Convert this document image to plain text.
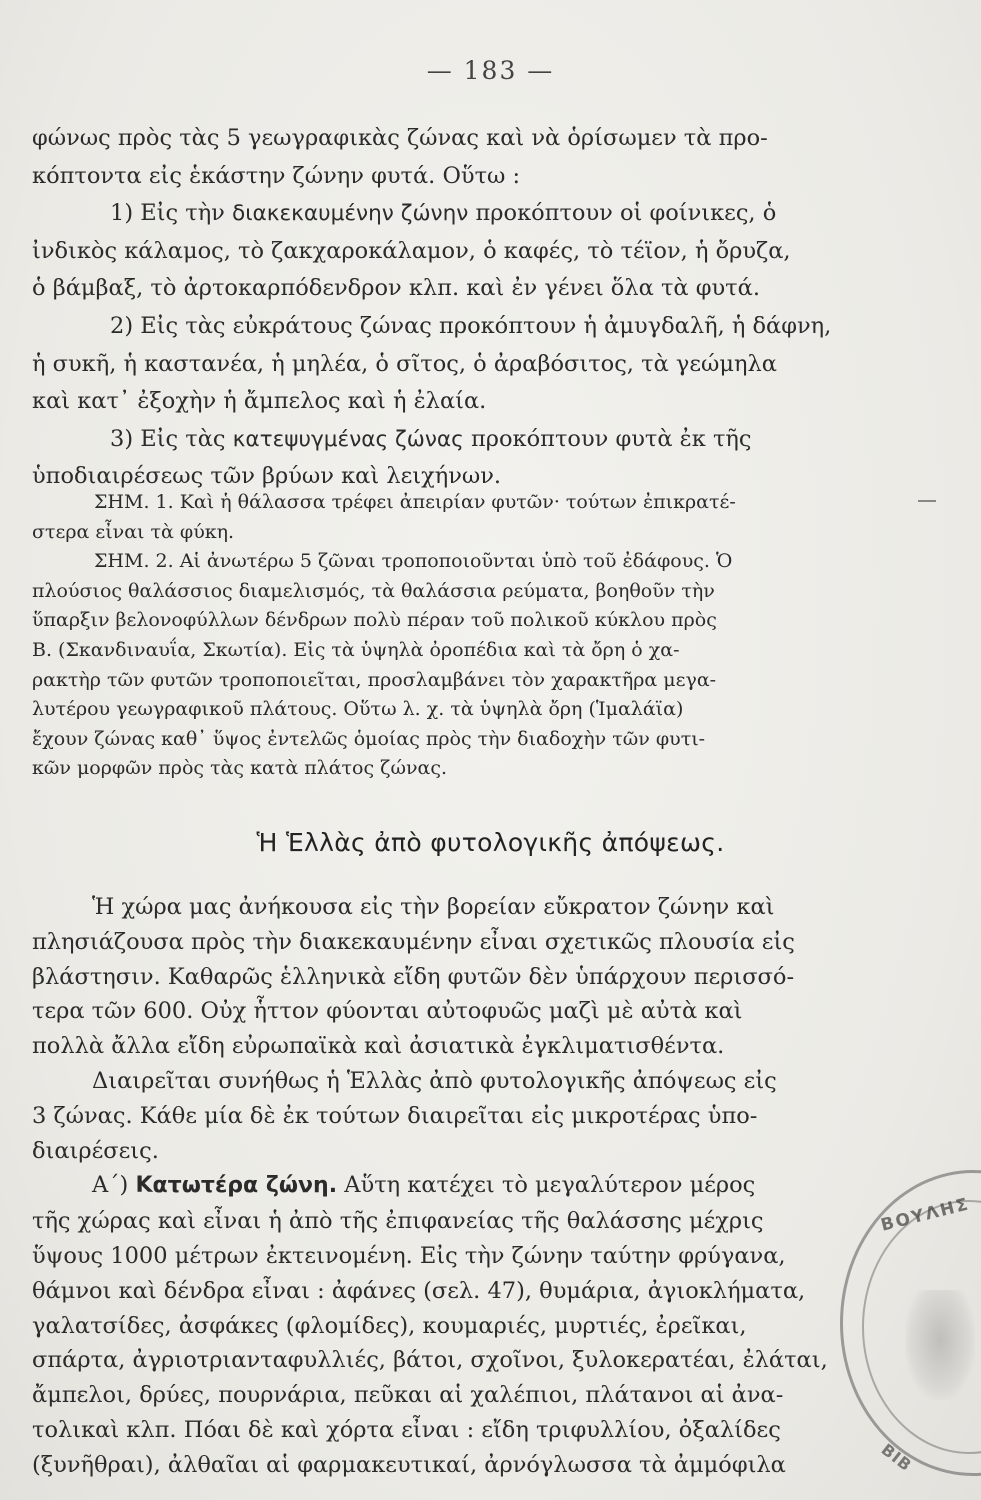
— 183 —
φώνως πρὸς τὰς 5 γεωγραφικὰς ζώνας καὶ νὰ ὁρίσωμεν τὰ προ-
κόπτοντα εἰς ἑκάστην ζώνην φυτά. Οὕτω :
1) Εἰς τὴν διακεκαυμένην ζώνην προκόπτουν οἱ φοίνικες, ὁ
ἰνδικὸς κάλαμος, τὸ ζακχαροκάλαμον, ὁ καφές, τὸ τέϊον, ἡ ὄρυζα,
ὁ βάμβαξ, τὸ ἀρτοκαρπόδενδρον κλπ. καὶ ἐν γένει ὅλα τὰ φυτά.
2) Εἰς τὰς εὐκράτους ζώνας προκόπτουν ἡ ἀμυγδαλῆ, ἡ δάφνη,
ἡ συκῆ, ἡ καστανέα, ἡ μηλέα, ὁ σῖτος, ὁ ἀραβόσιτος, τὰ γεώμηλα
καὶ κατ᾿ ἐξοχὴν ἡ ἄμπελος καὶ ἡ ἐλαία.
3) Εἰς τὰς κατεψυγμένας ζώνας προκόπτουν φυτὰ ἐκ τῆς
ὑποδιαιρέσεως τῶν βρύων καὶ λειχήνων.
ΣΗΜ. 1. Καὶ ἡ θάλασσα τρέφει ἀπειρίαν φυτῶν· τούτων ἐπικρατέ-
στερα εἶναι τὰ φύκη.
ΣΗΜ. 2. Αἱ ἀνωτέρω 5 ζῶναι τροποποιοῦνται ὑπὸ τοῦ ἐδάφους. Ὁ
πλούσιος θαλάσσιος διαμελισμός, τὰ θαλάσσια ρεύματα, βοηθοῦν τὴν
ὕπαρξιν βελονοφύλλων δένδρων πολὺ πέραν τοῦ πολικοῦ κύκλου πρὸς
Β. (Σκανδιναυΐα, Σκωτία). Εἰς τὰ ὑψηλὰ ὀροπέδια καὶ τὰ ὄρη ὁ χα-
ρακτὴρ τῶν φυτῶν τροποποιεῖται, προσλαμβάνει τὸν χαρακτῆρα μεγα-
λυτέρου γεωγραφικοῦ πλάτους. Οὕτω λ. χ. τὰ ὑψηλὰ ὄρη (Ἱμαλάϊα)
ἔχουν ζώνας καθ᾿ ὕψος ἐντελῶς ὁμοίας πρὸς τὴν διαδοχὴν τῶν φυτι-
κῶν μορφῶν πρὸς τὰς κατὰ πλάτος ζώνας.
Ἡ Ἑλλὰς ἀπὸ φυτολογικῆς ἀπόψεως.
Ἡ χώρα μας ἀνήκουσα εἰς τὴν βορείαν εὔκρατον ζώνην καὶ
πλησιάζουσα πρὸς τὴν διακεκαυμένην εἶναι σχετικῶς πλουσία εἰς
βλάστησιν. Καθαρῶς ἑλληνικὰ εἴδη φυτῶν δὲν ὑπάρχουν περισσό-
τερα τῶν 600. Οὐχ ἧττον φύονται αὐτοφυῶς μαζὶ μὲ αὐτὰ καὶ
πολλὰ ἄλλα εἴδη εὐρωπαϊκὰ καὶ ἀσιατικὰ ἐγκλιματισθέντα.
Διαιρεῖται συνήθως ἡ Ἑλλὰς ἀπὸ φυτολογικῆς ἀπόψεως εἰς
3 ζώνας. Κάθε μία δὲ ἐκ τούτων διαιρεῖται εἰς μικροτέρας ὑπο-
διαιρέσεις.
Α΄) Κατωτέρα ζώνη. Αὕτη κατέχει τὸ μεγαλύτερον μέρος
τῆς χώρας καὶ εἶναι ἡ ἀπὸ τῆς ἐπιφανείας τῆς θαλάσσης μέχρις
ὕψους 1000 μέτρων ἐκτεινομένη. Εἰς τὴν ζώνην ταύτην φρύγανα,
θάμνοι καὶ δένδρα εἶναι : ἀφάνες (σελ. 47), θυμάρια, ἀγιοκλήματα,
γαλατσίδες, ἀσφάκες (φλομίδες), κουμαριές, μυρτιές, ἐρεῖκαι,
σπάρτα, ἀγριοτριανταφυλλιές, βάτοι, σχοῖνοι, ξυλοκερατέαι, ἐλάται,
ἄμπελοι, δρύες, πουρνάρια, πεῦκαι αἱ χαλέπιοι, πλάτανοι αἱ ἀνα-
τολικαὶ κλπ. Πόαι δὲ καὶ χόρτα εἶναι : εἴδη τριφυλλίου, ὀξαλίδες
(ξυνῆθραι), ἀλθαῖαι αἱ φαρμακευτικαί, ἀρνόγλωσσα τὰ ἀμμόφιλα
ΒΟΥΛΗΣ
ΒΙΒ
